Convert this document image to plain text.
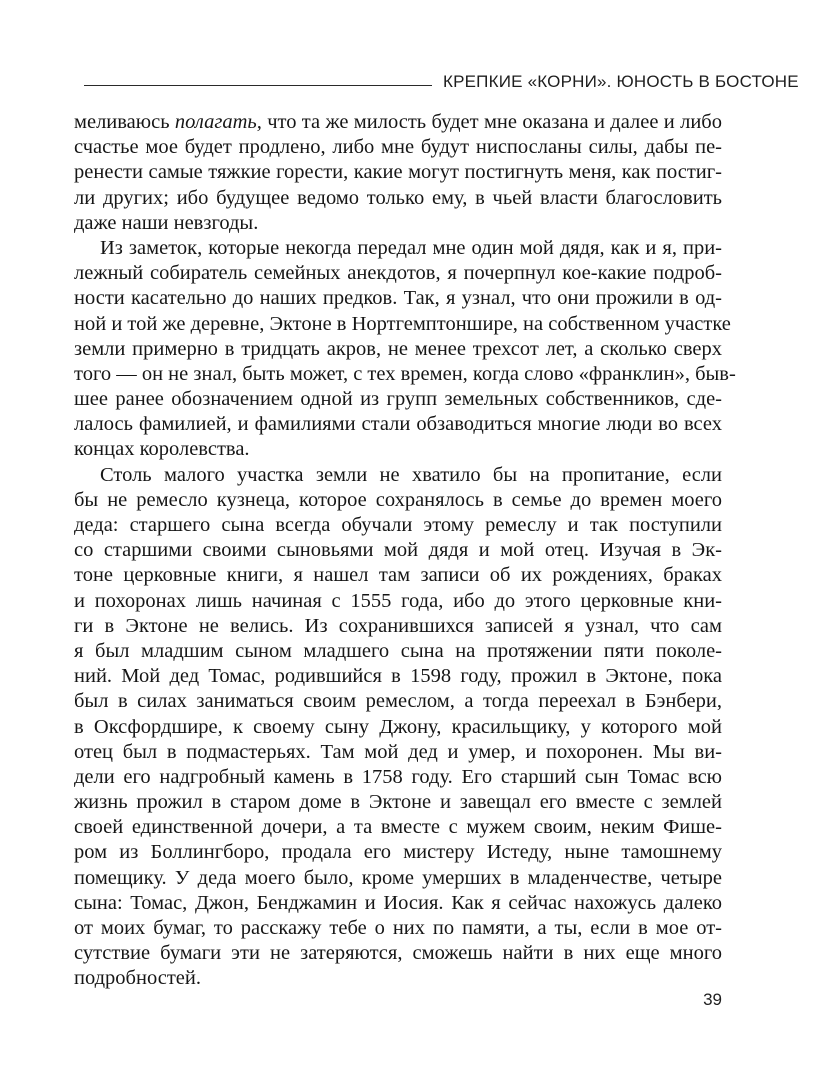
КРЕПКИЕ «КОРНИ». ЮНОСТЬ В БОСТОНЕ
меливаюсь полагать, что та же милость будет мне оказана и далее и либо
счастье мое будет продлено, либо мне будут ниспосланы силы, дабы пе-
ренести самые тяжкие горести, какие могут постигнуть меня, как постиг-
ли других; ибо будущее ведомо только ему, в чьей власти благословить
даже наши невзгоды.
Из заметок, которые некогда передал мне один мой дядя, как и я, при-
лежный собиратель семейных анекдотов, я почерпнул кое-какие подроб-
ности касательно до наших предков. Так, я узнал, что они прожили в од-
ной и той же деревне, Эктоне в Нортгемптоншире, на собственном участке
земли примерно в тридцать акров, не менее трехсот лет, а сколько сверх
того — он не знал, быть может, с тех времен, когда слово «франклин», быв-
шее ранее обозначением одной из групп земельных собственников, сде-
лалось фамилией, и фамилиями стали обзаводиться многие люди во всех
концах королевства.
Столь малого участка земли не хватило бы на пропитание, если
бы не ремесло кузнеца, которое сохранялось в семье до времен моего
деда: старшего сына всегда обучали этому ремеслу и так поступили
со старшими своими сыновьями мой дядя и мой отец. Изучая в Эк-
тоне церковные книги, я нашел там записи об их рождениях, браках
и похоронах лишь начиная с 1555 года, ибо до этого церковные кни-
ги в Эктоне не велись. Из сохранившихся записей я узнал, что сам
я был младшим сыном младшего сына на протяжении пяти поколе-
ний. Мой дед Томас, родившийся в 1598 году, прожил в Эктоне, пока
был в силах заниматься своим ремеслом, а тогда переехал в Бэнбери,
в Оксфордшире, к своему сыну Джону, красильщику, у которого мой
отец был в подмастерьях. Там мой дед и умер, и похоронен. Мы ви-
дели его надгробный камень в 1758 году. Его старший сын Томас всю
жизнь прожил в старом доме в Эктоне и завещал его вместе с землей
своей единственной дочери, а та вместе с мужем своим, неким Фише-
ром из Боллингборо, продала его мистеру Истеду, ныне тамошнему
помещику. У деда моего было, кроме умерших в младенчестве, четыре
сына: Томас, Джон, Бенджамин и Иосия. Как я сейчас нахожусь далеко
от моих бумаг, то расскажу тебе о них по памяти, а ты, если в мое от-
сутствие бумаги эти не затеряются, сможешь найти в них еще много
подробностей.
39
